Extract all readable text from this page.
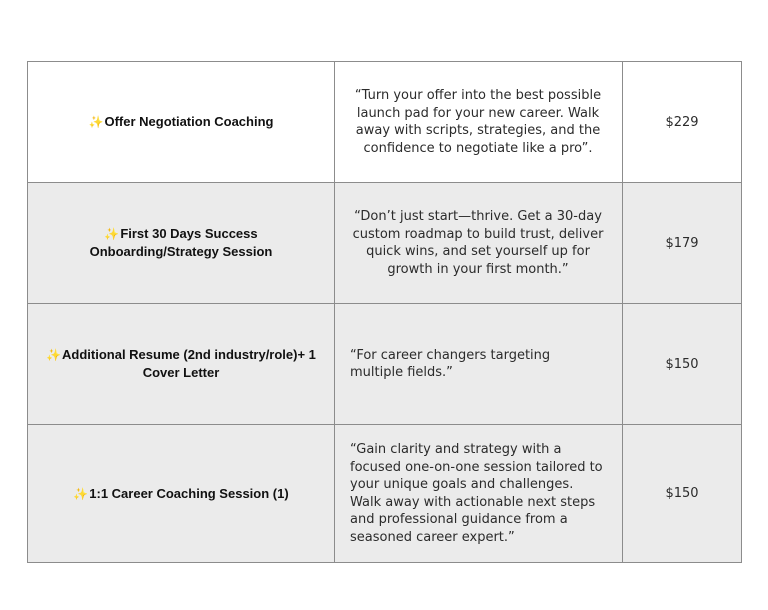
✨Offer Negotiation Coaching	“Turn your offer into the best possible launch pad for your new career. Walk away with scripts, strategies, and the confidence to negotiate like a pro”.	$229
✨First 30 Days Success Onboarding/Strategy Session	“Don’t just start—thrive. Get a 30-day custom roadmap to build trust, deliver quick wins, and set yourself up for growth in your first month.”	$179
✨Additional Resume (2nd industry/role)+ 1 Cover Letter	“For career changers targeting multiple fields.”	$150
✨1:1 Career Coaching Session (1)	“Gain clarity and strategy with a focused one-on-one session tailored to your unique goals and challenges. Walk away with actionable next steps and professional guidance from a seasoned career expert.”	$150
